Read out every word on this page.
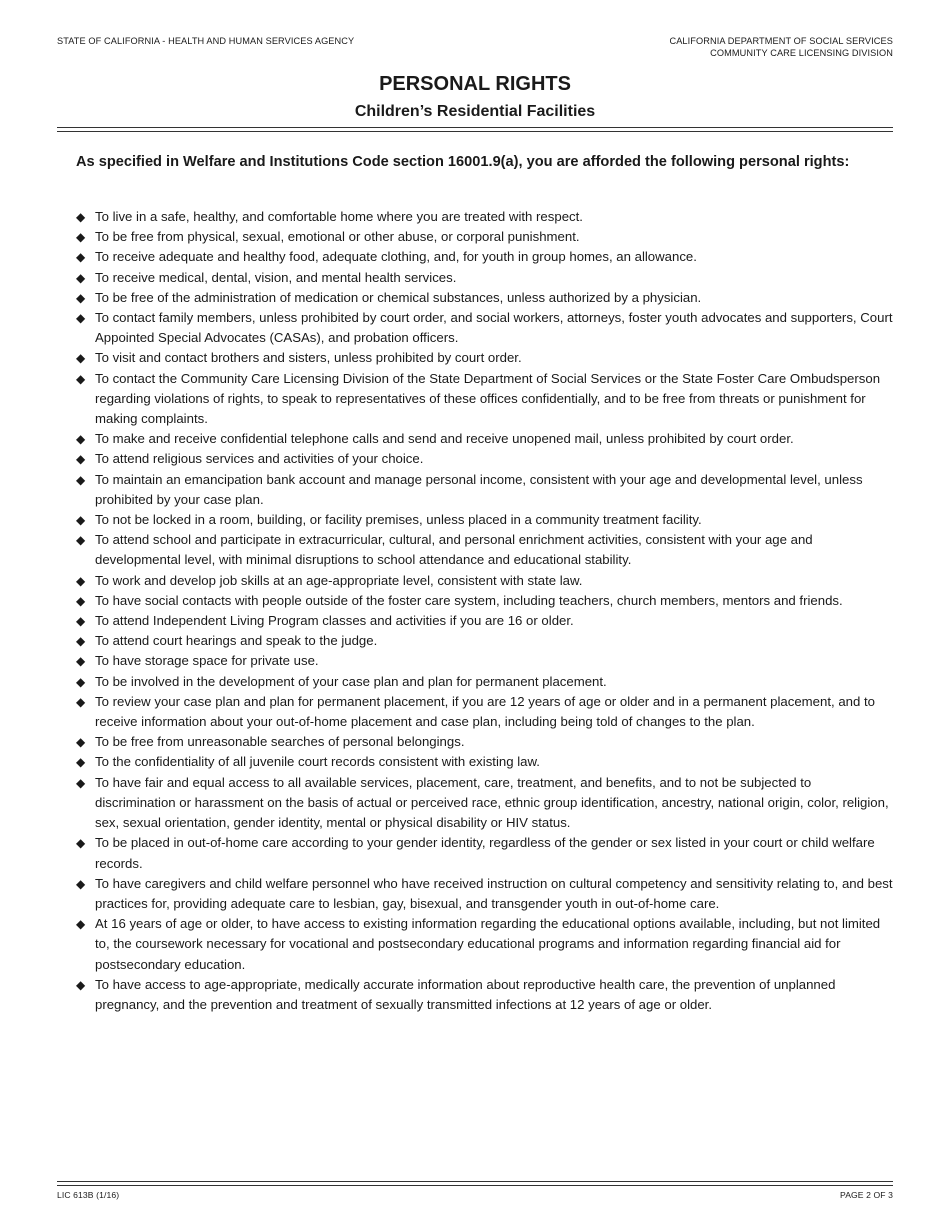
STATE OF CALIFORNIA - HEALTH AND HUMAN SERVICES AGENCY	CALIFORNIA DEPARTMENT OF SOCIAL SERVICES
COMMUNITY CARE LICENSING DIVISION
PERSONAL RIGHTS
Children’s Residential Facilities

As specified in Welfare and Institutions Code section 16001.9(a), you are afforded the following personal rights:

◆ To live in a safe, healthy, and comfortable home where you are treated with respect.
◆ To be free from physical, sexual, emotional or other abuse, or corporal punishment.
◆ To receive adequate and healthy food, adequate clothing, and, for youth in group homes, an allowance.
◆ To receive medical, dental, vision, and mental health services.
◆ To be free of the administration of medication or chemical substances, unless authorized by a physician.
◆ To contact family members, unless prohibited by court order, and social workers, attorneys, foster youth advocates and supporters, Court Appointed Special Advocates (CASAs), and probation officers.
◆ To visit and contact brothers and sisters, unless prohibited by court order.
◆ To contact the Community Care Licensing Division of the State Department of Social Services or the State Foster Care Ombudsperson regarding violations of rights, to speak to representatives of these offices confidentially, and to be free from threats or punishment for making complaints.
◆ To make and receive confidential telephone calls and send and receive unopened mail, unless prohibited by court order.
◆ To attend religious services and activities of your choice.
◆ To maintain an emancipation bank account and manage personal income, consistent with your age and developmental level, unless prohibited by your case plan.
◆ To not be locked in a room, building, or facility premises, unless placed in a community treatment facility.
◆ To attend school and participate in extracurricular, cultural, and personal enrichment activities, consistent with your age and developmental level, with minimal disruptions to school attendance and educational stability.
◆ To work and develop job skills at an age-appropriate level, consistent with state law.
◆ To have social contacts with people outside of the foster care system, including teachers, church members, mentors and friends.
◆ To attend Independent Living Program classes and activities if you are 16 or older.
◆ To attend court hearings and speak to the judge.
◆ To have storage space for private use.
◆ To be involved in the development of your case plan and plan for permanent placement.
◆ To review your case plan and plan for permanent placement, if you are 12 years of age or older and in a permanent placement, and to receive information about your out-of-home placement and case plan, including being told of changes to the plan.
◆ To be free from unreasonable searches of personal belongings.
◆ To the confidentiality of all juvenile court records consistent with existing law.
◆ To have fair and equal access to all available services, placement, care, treatment, and benefits, and to not be subjected to discrimination or harassment on the basis of actual or perceived race, ethnic group identification, ancestry, national origin, color, religion, sex, sexual orientation, gender identity, mental or physical disability or HIV status.
◆ To be placed in out-of-home care according to your gender identity, regardless of the gender or sex listed in your court or child welfare records.
◆ To have caregivers and child welfare personnel who have received instruction on cultural competency and sensitivity relating to, and best practices for, providing adequate care to lesbian, gay, bisexual, and transgender youth in out-of-home care.
◆ At 16 years of age or older, to have access to existing information regarding the educational options available, including, but not limited to, the coursework necessary for vocational and postsecondary educational programs and information regarding financial aid for postsecondary education.
◆ To have access to age-appropriate, medically accurate information about reproductive health care, the prevention of unplanned pregnancy, and the prevention and treatment of sexually transmitted infections at 12 years of age or older.
LIC 613B (1/16)	PAGE 2 OF 3
